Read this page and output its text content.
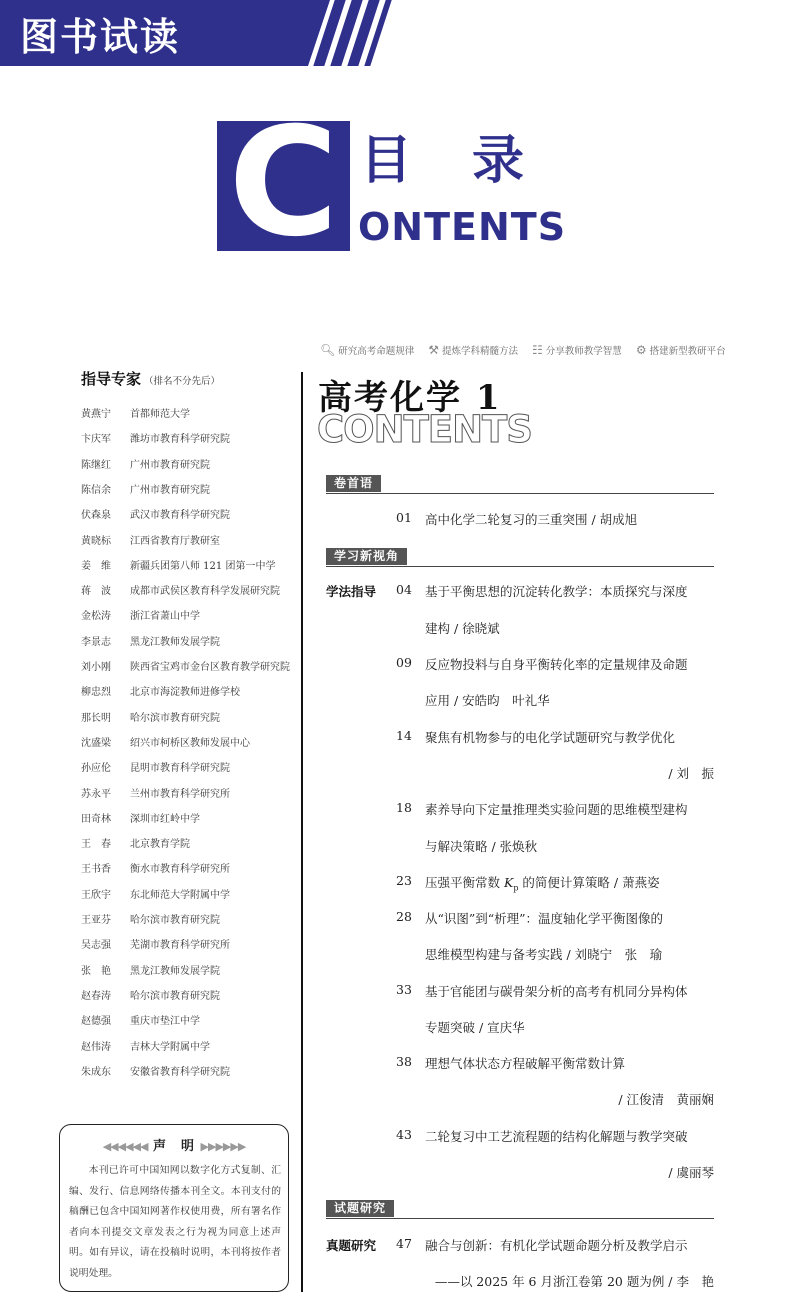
图书试读
C 目录
ONTENTS
🔍︎ 研究高考命题规律 ⚒ 提炼学科精髓方法 ☷ 分享教师教学智慧 ⚙ 搭建新型教研平台
指导专家 （排名不分先后）
黄燕宁	首都师范大学
卞庆军	潍坊市教育科学研究院
陈继红	广州市教育研究院
陈信余	广州市教育研究院
伏森泉	武汉市教育科学研究院
黄晓标	江西省教育厅教研室
姜　维	新疆兵团第八师 121 团第一中学
蒋　波	成都市武侯区教育科学发展研究院
金松涛	浙江省萧山中学
李景志	黑龙江教师发展学院
刘小刚	陕西省宝鸡市金台区教育教学研究院
柳忠烈	北京市海淀教师进修学校
那长明	哈尔滨市教育研究院
沈盛梁	绍兴市柯桥区教师发展中心
孙应伦	昆明市教育科学研究院
苏永平	兰州市教育科学研究所
田奇林	深圳市红岭中学
王　春	北京教育学院
王书香	衡水市教育科学研究所
王欣宇	东北师范大学附属中学
王亚芬	哈尔滨市教育研究院
吴志强	芜湖市教育科学研究所
张　艳	黑龙江教师发展学院
赵春涛	哈尔滨市教育研究院
赵德强	重庆市垫江中学
赵伟涛	吉林大学附属中学
朱成东	安徽省教育科学研究院
◀◀◀◀◀◀ 声　明 ▶▶▶▶▶▶
本刊已许可中国知网以数字化方式复制、汇编、发行、信息网络传播本刊全文。本刊支付的稿酬已包含中国知网著作权使用费，所有署名作者向本刊提交文章发表之行为视为同意上述声明。如有异议，请在投稿时说明，本刊将按作者说明处理。
高考化学 1
CONTENTS
卷首语
01 高中化学二轮复习的三重突围 / 胡成旭
学习新视角
学法指导 04 基于平衡思想的沉淀转化教学：本质探究与深度
建构 / 徐晓斌
09 反应物投料与自身平衡转化率的定量规律及命题
应用 / 安皓昀　叶礼华
14 聚焦有机物参与的电化学试题研究与教学优化
/ 刘　振
18 素养导向下定量推理类实验问题的思维模型建构
与解决策略 / 张焕秋
23 压强平衡常数 $K_p$ 的简便计算策略 / 萧燕姿
28 从“识图”到“析理”：温度轴化学平衡图像的
思维模型构建与备考实践 / 刘晓宁　张　瑜
33 基于官能团与碳骨架分析的高考有机同分异构体
专题突破 / 宣庆华
38 理想气体状态方程破解平衡常数计算
/ 江俊清　黄丽娴
43 二轮复习中工艺流程题的结构化解题与教学突破
/ 虞丽琴
试题研究
真题研究 47 融合与创新：有机化学试题命题分析及教学启示
——以 2025 年 6 月浙江卷第 20 题为例 / 李　艳
